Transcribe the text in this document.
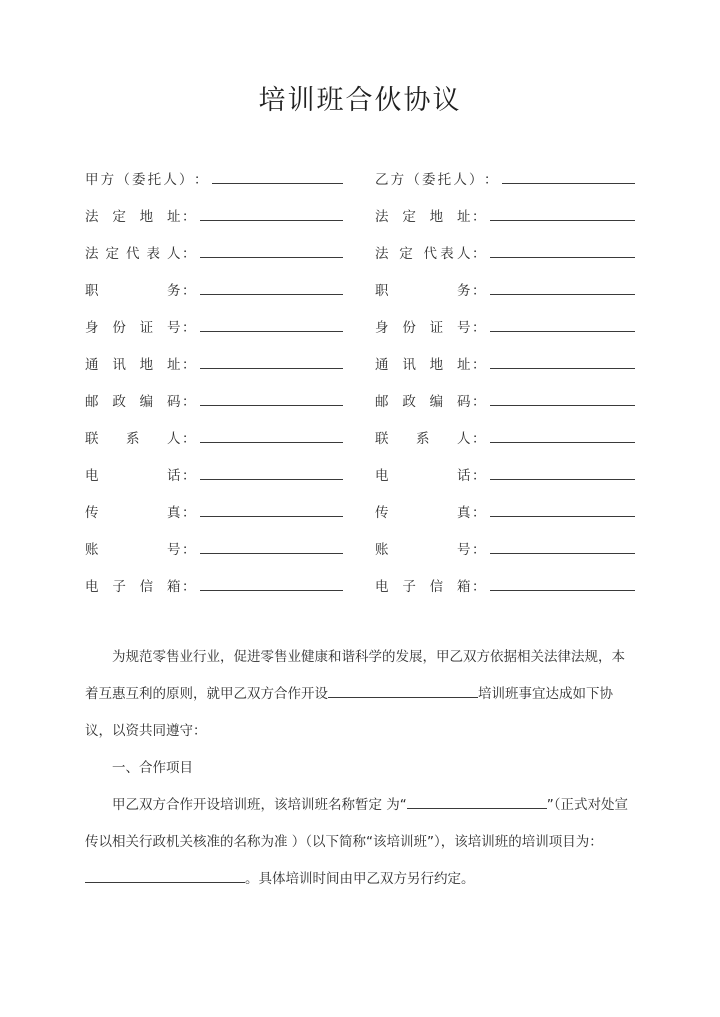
培训班合伙协议
甲方（委托人） ：	乙方（委托人） ：
法 定 地 址 ：	法 定 地 址 ：
法定代表人 ：	法 定 代表人 ：
职　　务 ：	职　　务 ：
身 份 证 号 ：	身 份 证 号 ：
通 讯 地 址 ：	通 讯 地 址 ：
邮 政 编 码 ：	邮 政 编 码 ：
联 系 人 ：	联 系 人 ：
电　　话 ：	电　　话 ：
传　　真 ：	传　　真 ：
账　　号 ：	账　　号 ：
电 子 信 箱 ：	电 子 信 箱 ：

为规范零售业行业，促进零售业健康和谐科学的发展，甲乙双方依据相关法律法规，本着互惠互利的原则，就甲乙双方合作开设	培训班事宜达成如下协议，以资共同遵守：

一、合作项目

甲乙双方合作开设培训班，该培训班名称暂定 为“	”（正式对处宣传以相关行政机关核准的名称为准 ）（以下简称“该培训班”），该培训班的培训项目为：。具体培训时间由甲乙双方另行约定。
